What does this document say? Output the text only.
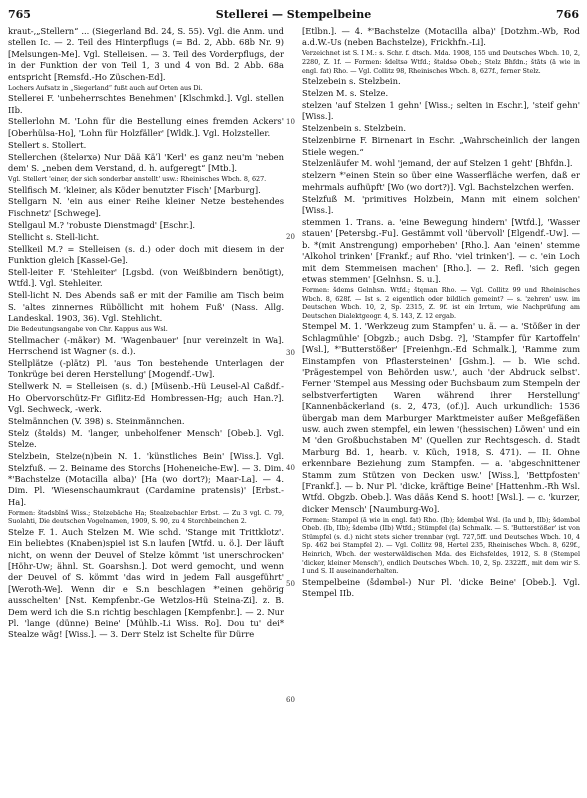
765	Stellerei — Stempelbeine	766

kraut-,„Stellern“ ... (Siegerland Bd. 24, S. 55). Vgl. die Anm. und stellen Ic. — 2. Teil des Hinterpflugs (= Bd. 2, Abb. 68b Nr. 9) [Melsungen-Me]. Vgl. Stelleisen. — 3. Teil des Vorderpflugs, der in der Funktion der von Teil 1, 3 und 4 von Bd. 2 Abb. 68a entspricht [Remsfd.-Ho Züschen-Ed].

Lochers Aufsatz in „Siegerland“ fußt auch auf Orten aus Di.

Stellerei F. 'unbeherrschtes Benehmen' [Klschmkd.]. Vgl. stellen IIb.

Stellerlohn M. 'Lohn für die Bestellung eines fremden Ackers' [Oberhülsa-Ho], 'Lohn für Holzfäller' [Wldk.]. Vgl. Holzsteller.

Stellert s. Stollert.

Stellerchen (štelərxə) Nur Dää Käʹl 'Kerl' es ganz neu'm 'neben dem' S. „neben dem Verstand, d. h. aufgeregt“ [Mtb.].

Vgl. Stellert 'einer, der sich sonderbar anstellt' usw.: Rheinisches Wbch. 8, 627.

Stellfisch M. 'kleiner, als Köder benutzter Fisch' [Marburg].

Stellgarn N. 'ein aus einer Reihe kleiner Netze bestehendes Fischnetz' [Schwege].

Stellgaul M.? 'robuste Dienstmagd' [Eschr.].

Stellicht s. Stell-licht.

Stellkeil M.? = Stelleisen (s. d.) oder doch mit diesem in der Funktion gleich [Kassel-Ge].

Stell-leiter F. 'Stehleiter' [Lgsbd. (von Weißbindern benötigt), Wtfd.]. Vgl. Stehleiter.

Stell-licht N. Des Abends saß er mit der Familie am Tisch beim S. 'altes zinnernes Rüböllicht mit hohem Fuß' (Nass. Allg. Landeskal. 1903, 36). Vgl. Stehlicht.

Die Bedeutungsangabe von Chr. Kappus aus Wsl.

Stellmacher (-mäkər) M. 'Wagenbauer' [nur vereinzelt in Wa]. Herrschend ist Wagner (s. d.).

Stellplätze (-plätz) Pl. 'aus Ton bestehende Unterlagen der Tonkrüge bei deren Herstellung' [Mogendf.-Uw].

Stellwerk N. = Stelleisen (s. d.) [Müsenb.-Hü Leusel-Al Caßdf.-Ho Obervorschütz-Fr Giflitz-Ed Hombressen-Hg; auch Han.?]. Vgl. Sechweck, -werk.

Stelmännchen (V. 398) s. Steinmännchen.

Stelz (štəlds) M. 'langer, unbeholfener Mensch' [Obeb.]. Vgl. Stelze.

Stelzbein, Stelze(n)bein N. 1. 'künstliches Bein' [Wiss.]. Vgl. Stelzfuß. — 2. Beiname des Storchs [Hoheneiche-Ew]. — 3. Dim. *'Bachstelze (Motacilla alba)' [Ha (wo dort?); Maar-La]. — 4. Dim. Pl. 'Wiesenschaumkraut (Cardamine pratensis)' [Erbst.-Ha].

Formen: štǝdsbīnš Wiss.; Stelzebäche Ha; Stealzebachler Erbst. — Zu 3 vgl. C. 79, Suolahti, Die deutschen Vogelnamen, 1909, S. 90, zu 4 Storchbeinchen 2.

Stelze F. 1. Auch Stelzen M. Wie schd. 'Stange mit Trittklotz'. Ein beliebtes (Knaben)spiel ist S.n laufen [Wtfd. u. ö.]. Der läuft nicht, on wenn der Deuvel of Stelze kömmt 'ist unerschrocken' [Höhr-Uw; ähnl. St. Goarshsn.]. Dot werd gemocht, und wenn der Deuvel of S. kömmt 'das wird in jedem Fall ausgeführt' [Weroth-We]. Wenn dir e S.n beschlagen *'einen gehörig ausschelten' [Nst. Kempfenbr.-Ge Wetzlos-Hü Steina-Zi]. z. B. Dem werd ich die S.n richtig beschlagen [Kempfenbr.]. — 2. Nur Pl. 'lange (dünne) Beine' [Mühlb.-Li Wiss. Ro]. Dou tu' dei* Stealze wäg! [Wiss.]. — 3. Derr Stelz ist Schelte für Dürre

10
20
30
40
50
60

[Etlbn.]. — 4. *'Bachstelze (Motacilla alba)' [Dotzhm.-Wb, Rod a.d.W.-Us (neben Bachstelze), Frickhfn.-Li].

Verzeichnet ist S. I M.: s. Schr. f. dtsch. Mda. 1908, 155 und Deutsches Wbch. 10, 2, 2280, Z. 1f. — Formen: šdeltsə Wtfd.; štǝldsə Obeb.; Stelz Bhfdn.; štāts (ā wie in engl. fat) Rho. — Vgl. Collitz 98, Rheinisches Wbch. 8, 627f., ferner Stelz.

Stelzebein s. Stelzbein.

Stelzen M. s. Stelze.

stelzen 'auf Stelzen 1 gehn' [Wiss.; selten in Eschr.], 'steif gehn' [Wiss.].

Stelzenbein s. Stelzbein.

Stelzenbirne F. Birnenart in Eschr. „Wahrscheinlich der langen Stiele wegen.“

Stelzenläufer M. wohl 'jemand, der auf Stelzen 1 geht' [Bhfdn.].

stelzern *'einen Stein so über eine Wasserfläche werfen, daß er mehrmals aufhüpft' [Wo (wo dort?)]. Vgl. Bachstelzchen werfen.

Stelzfuß M. 'primitives Holzbein, Mann mit einem solchen' [Wiss.].

stemmen 1. Trans. a. 'eine Bewegung hindern' [Wtfd.], 'Wasser stauen' [Petersbg.-Fu]. Gestämmt voll 'übervoll' [Elgendf.-Uw]. — b. *(mit Anstrengung) emporheben' [Rho.]. Aan 'einen' stemme 'Alkohol trinken' [Frankf.; auf Rho. 'viel trinken']. — c. 'ein Loch mit dem Stemmeisen machen' [Rho.]. — 2. Refl. 'sich gegen etwas stemmen' [Gelnhsn. S. u.].

Formen: šdems Gelnhsn. Wtfd.; štęman Rho. — Vgl. Collitz 99 und Rheinisches Wbch. 8, 628f. — Ist s. 2 eigentlich oder bildlich gemeint? — s. 'zehren' usw. im Deutschen Wbch. 10, 2, Sp. 2315, Z. 9f. ist ein Irrtum, wie Nachprüfung am Deutschen Dialektgeogr. 4, S. 143, Z. 12 ergab.

Stempel M. 1. 'Werkzeug zum Stampfen' u. ä. — a. 'Stößer in der Schlagmühle' [Obgzb.; auch Dsbg. ?], 'Stampfer für Kartoffeln' [Wsl.], *'Butterstößer' [Freienhgn.-Ed Schmalk.], 'Ramme zum Einstampfen von Pflastersteinen' [Gshm.]. — b. Wie schd. 'Prägestempel von Behörden usw.', auch 'der Abdruck selbst'. Ferner 'Stempel aus Messing oder Buchsbaum zum Stempeln der selbstverfertigten Waren während ihrer Herstellung' [Kannenbäckerland (s. 2, 473, (of.)]. Auch urkundlich: 1536 übergab man dem Marburger Marktmeister außer Meßgefäßen usw. auch zwen stempfel, ein lewen '(hessischen) Löwen' und ein M 'den Großbuchstaben M' (Quellen zur Rechtsgesch. d. Stadt Marburg Bd. 1, hearb. v. Küch, 1918, S. 471). — II. Ohne erkennbare Beziehung zum Stampfen. — a. 'abgeschnittener Stamm zum Stützen von Decken usw.' [Wiss.], 'Bettpfosten' [Frankf.]. — b. Nur Pl. 'dicke, kräftige Beine' [Hattenhm.-Rh Wsl. Wtfd. Obgzb. Obeb.]. Was dääs Kend S. hoot! [Wsl.]. — c. 'kurzer, dicker Mensch' [Naumburg-Wo].

Formen: Stampel (ā wie in engl. fat) Rho. (Ib); šdemḅəl Wsl. (Ia und b, IIb); šdǝmbǝl Obeb. (Ib, IIb); šdembǝ (IIb) Wtfd.; Stümpfel (Ia) Schmalk. — S. 'Butterstößer' ist von Stümpfel (s. d.) nicht stets sicher trennbar (vgl. 727,5ff. und Deutsches Wbch. 10, 4 Sp. 462 bei Stampfel 2). — Vgl. Collitz 98, Hertel 235, Rheinisches Wbch. 8, 629f., Heinrich, Wbch. der westerwäldischen Mda. des Eichsfeldes, 1912, S. 8 (Stempel 'dicker, kleiner Mensch'), endlich Deutsches Wbch. 10, 2, Sp. 2322ff., mit dem wir S. I und S. II auseinanderhalten.

Stempelbeine (šdǝmbǝl-) Nur Pl. 'dicke Beine' [Obeb.]. Vgl. Stempel IIb.
